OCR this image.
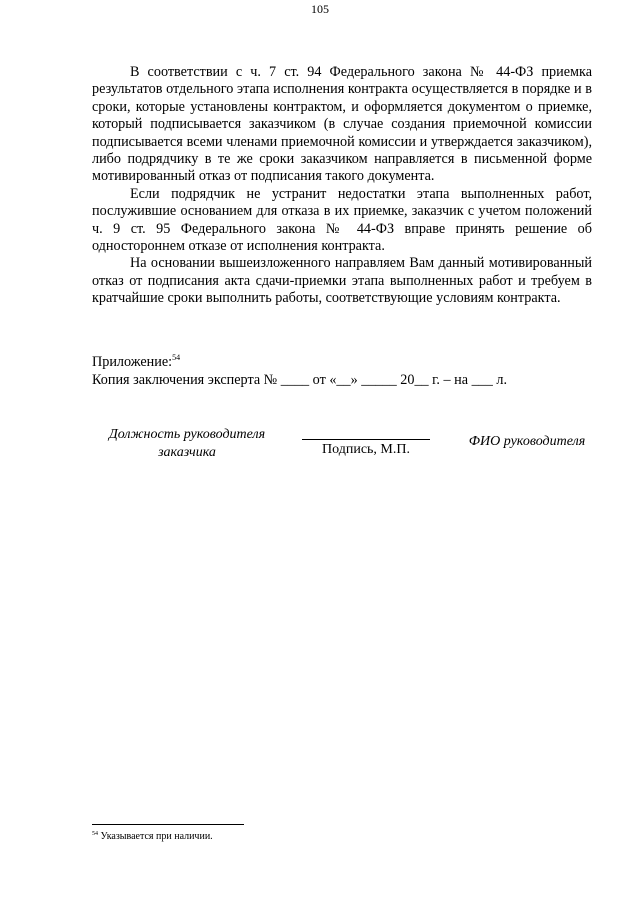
105

В соответствии с ч. 7 ст. 94 Федерального закона № 44-ФЗ приемка результатов отдельного этапа исполнения контракта осуществляется в порядке и в сроки, которые установлены контрактом, и оформляется документом о приемке, который подписывается заказчиком (в случае создания приемочной комиссии подписывается всеми членами приемочной комиссии и утверждается заказчиком), либо подрядчику в те же сроки заказчиком направляется в письменной форме мотивированный отказ от подписания такого документа.

Если подрядчик не устранит недостатки этапа выполненных работ, послужившие основанием для отказа в их приемке, заказчик с учетом положений ч. 9 ст. 95 Федерального закона № 44-ФЗ вправе принять решение об одностороннем отказе от исполнения контракта.

На основании вышеизложенного направляем Вам данный мотивированный отказ от подписания акта сдачи-приемки этапа выполненных работ и требуем в кратчайшие сроки выполнить работы, соответствующие условиям контракта.

Приложение:$^{54}$
Копия заключения эксперта № ____ от «__» _____ 20__ г. – на ___ л.
Должность руководителя
заказчика	Подпись, М.П.
ФИО руководителя
$^{54}$ Указывается при наличии.
